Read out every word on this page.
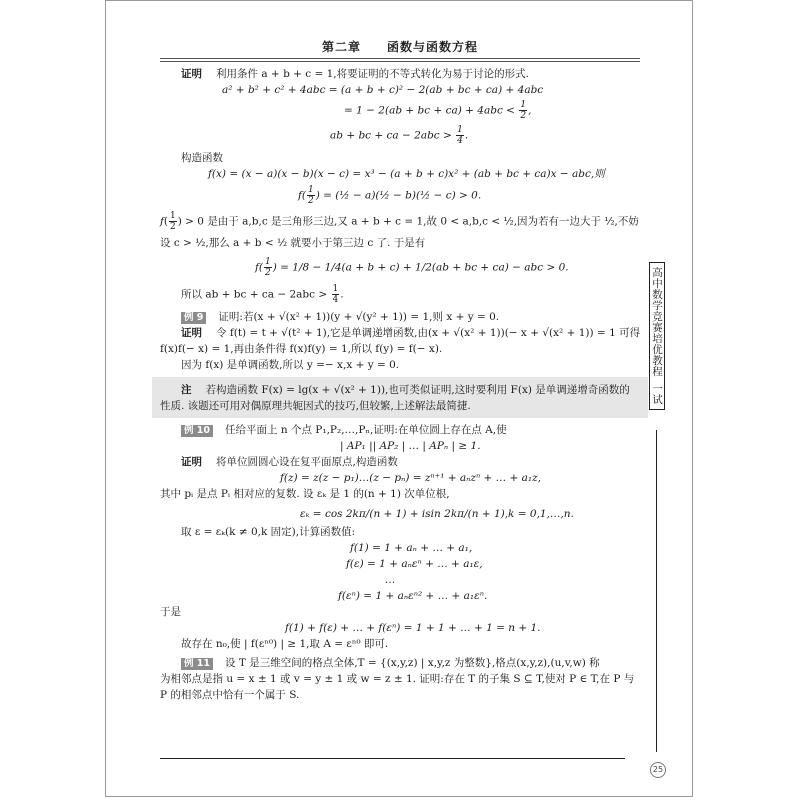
第二章 函数与函数方程
证明 利用条件 a + b + c = 1,将要证明的不等式转化为易于讨论的形式.
a² + b² + c² + 4abc = (a + b + c)² − 2(ab + bc + ca) + 4abc
= 1 − 2(ab + bc + $ca) + 4abc < \frac{1}{2}$ ,
ab + bc + ca − $2abc > \frac{1}{4}$ .
构造函数
f(x) = (x − a)(x − b)(x − c) = x³ − (a + b + c)x² + (ab + bc + ca)x − abc,则
$f( \frac{1}{2}$ ) = (½ − a)(½ − b)(½ − c) > 0.
$f( \frac{1}{2}$ ) > 0 是由于 a,b,c 是三角形三边,又 a + b + c = 1,故 0 < a,b,c < ½,因为若有一边大于 ½,不妨
设 c > ½,那么 a + b < ½ 就要小于第三边 c 了. 于是有
$f( \frac{1}{2}$ ) = 1/8 − 1/4(a + b + c) + 1/2(ab + bc + ca) − abc > 0.
所以 ab + bc + ca − $2abc > \frac{1}{4}$ .
例 9 证明:若(x + √(x² + 1))(y + √(y² + 1)) = 1,则 x + y = 0.
证明 令 f(t) = t + √(t² + 1),它是单调递增函数,由(x + √(x² + 1))(− x + √(x² + 1)) = 1 可得
f(x)f(− x) = 1,再由条件得 f(x)f(y) = 1,所以 f(y) = f(− x).
因为 f(x) 是单调函数,所以 y =− x,x + y = 0.
注 若构造函数 F(x) = lg(x + √(x² + 1)),也可类似证明,这时要利用 F(x) 是单调递增奇函数的
性质. 该题还可用对偶原理共轭因式的技巧,但较繁,上述解法最简捷.
例 10 任给平面上 n 个点 P₁,P₂,…,Pₙ,证明:在单位圆上存在点 A,使
| AP₁ || AP₂ | … | APₙ | ≥ 1.
证明 将单位圆圆心设在复平面原点,构造函数
f(z) = z(z − p₁)…(z − pₙ) = zⁿ⁺¹ + aₙzⁿ + … + a₁z,
其中 pᵢ 是点 Pᵢ 相对应的复数. 设 εₖ 是 1 的(n + 1) 次单位根,
εₖ = cos 2kπ/(n + 1) + isin 2kπ/(n + 1),k = 0,1,…,n.
取 ε = εₖ(k ≠ 0,k 固定),计算函数值:
f(1) = 1 + aₙ + … + a₁,
f(ε) = 1 + aₙεⁿ + … + a₁ε,
…
f(εⁿ) = 1 + aₙεⁿ² + … + a₁εⁿ.
于是
f(1) + f(ε) + … + f(εⁿ) = 1 + 1 + … + 1 = n + 1.
故存在 n₀,使 | f(εⁿ⁰) | ≥ 1,取 A = εⁿ⁰ 即可.
例 11 设 T 是三维空间的格点全体,T = {(x,y,z) | x,y,z 为整数},格点(x,y,z),(u,v,w) 称
为相邻点是指 u = x ± 1 或 v = y ± 1 或 w = z ± 1. 证明:存在 T 的子集 S ⊆ T,使对 P ∈ T,在 P 与
P 的相邻点中恰有一个属于 S.
高中数学竞赛培优教程
一试
25
